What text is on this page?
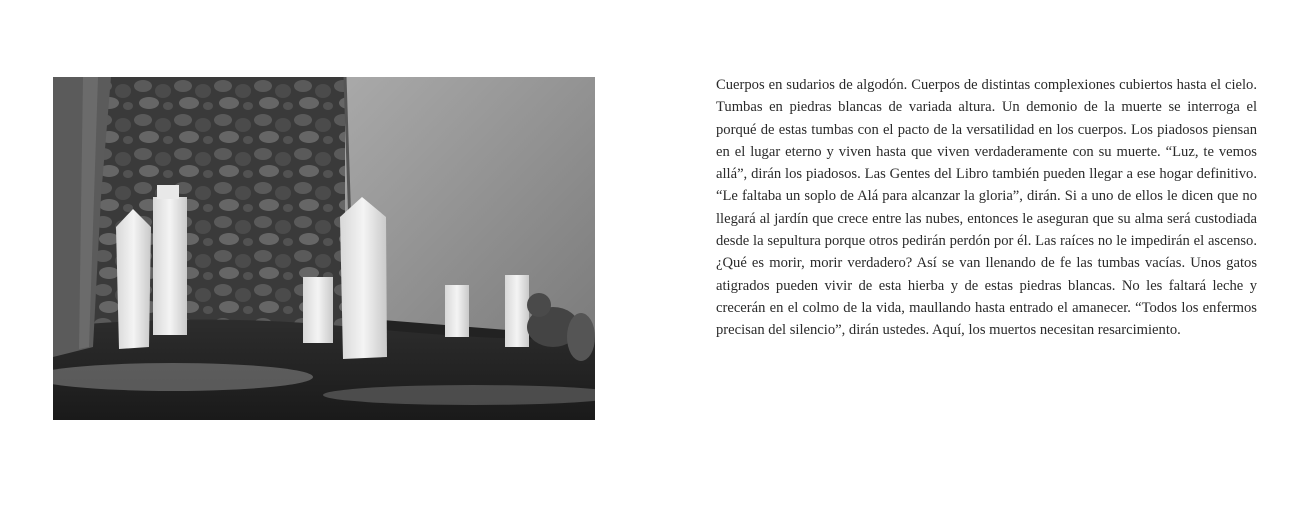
Cuerpos en sudarios de algodón. Cuerpos de distintas complexiones cubiertos hasta el cielo. Tumbas en piedras blancas de variada altura. Un demonio de la muerte se interroga el porqué de estas tumbas con el pacto de la versatilidad en los cuerpos. Los piadosos piensan en el lugar eterno y viven hasta que viven verdaderamente con su muerte. “Luz, te vemos allá”, dirán los piadosos. Las Gentes del Libro también pueden llegar a ese hogar definitivo. “Le faltaba un soplo de Alá para alcanzar la gloria”, dirán. Si a uno de ellos le dicen que no llegará al jardín que crece entre las nubes, entonces le aseguran que su alma será custodiada desde la sepultura porque otros pedirán perdón por él. Las raíces no le impedirán el ascenso. ¿Qué es morir, morir verdadero? Así se van llenando de fe las tumbas vacías. Unos gatos atigrados pueden vivir de esta hierba y de estas piedras blancas. No les faltará leche y crecerán en el colmo de la vida, maullando hasta entrado el amanecer. “Todos los enfermos precisan del silencio”, dirán ustedes. Aquí, los muertos necesitan resarcimiento.
